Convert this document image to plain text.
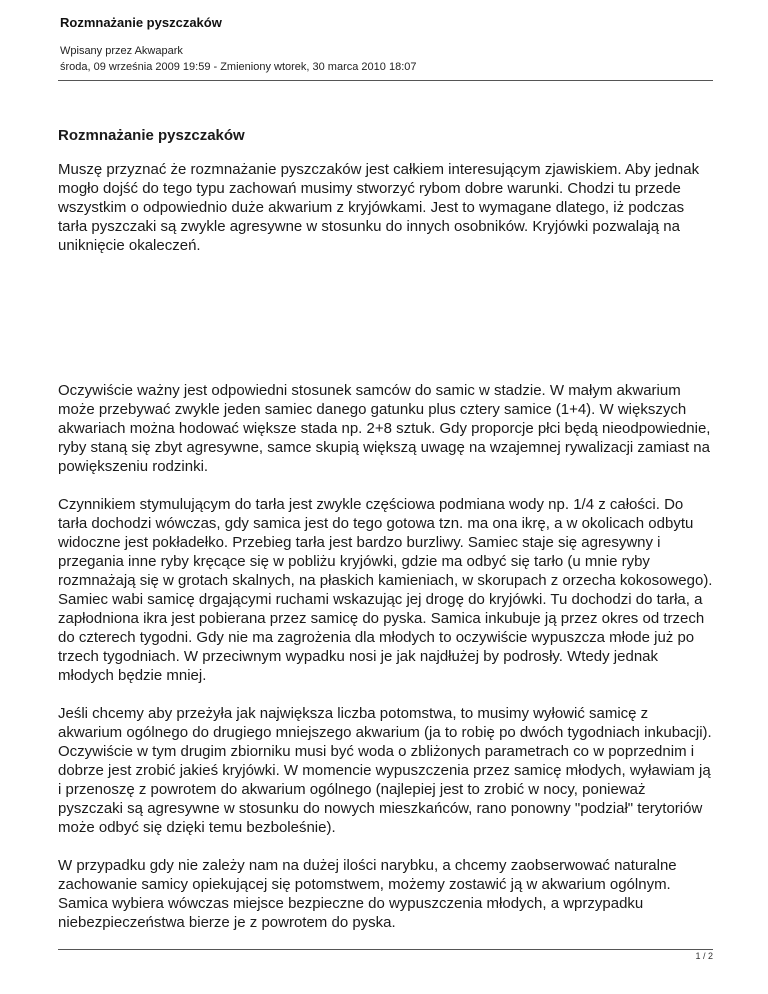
Rozmnażanie pyszczaków
Wpisany przez Akwapark
środa, 09 września 2009 19:59 - Zmieniony wtorek, 30 marca 2010 18:07
Rozmnażanie pyszczaków

Muszę przyznać że rozmnażanie pyszczaków jest całkiem interesującym zjawiskiem. Aby jednak mogło dojść do tego typu zachowań musimy stworzyć rybom dobre warunki. Chodzi tu przede wszystkim o odpowiednio duże akwarium z kryjówkami. Jest to wymagane dlatego, iż podczas tarła pyszczaki są zwykle agresywne w stosunku do innych osobników. Kryjówki pozwalają na uniknięcie okaleczeń.

Oczywiście ważny jest odpowiedni stosunek samców do samic w stadzie. W małym akwarium może przebywać zwykle jeden samiec danego gatunku plus cztery samice (1+4). W większych akwariach można hodować większe stada np. 2+8 sztuk. Gdy proporcje płci będą nieodpowiednie, ryby staną się zbyt agresywne, samce skupią większą uwagę na wzajemnej rywalizacji zamiast na powiększeniu rodzinki.

Czynnikiem stymulującym do tarła jest zwykle częściowa podmiana wody np. 1/4 z całości. Do tarła dochodzi wówczas, gdy samica jest do tego gotowa tzn. ma ona ikrę, a w okolicach odbytu widoczne jest pokładełko. Przebieg tarła jest bardzo burzliwy. Samiec staje się agresywny i przegania inne ryby kręcące się w pobliżu kryjówki, gdzie ma odbyć się tarło (u mnie ryby rozmnażają się w grotach skalnych, na płaskich kamieniach, w skorupach z orzecha kokosowego). Samiec wabi samicę drgającymi ruchami wskazując jej drogę do kryjówki. Tu dochodzi do tarła, a zapłodniona ikra jest pobierana przez samicę do pyska. Samica inkubuje ją przez okres od trzech do czterech tygodni. Gdy nie ma zagrożenia dla młodych to oczywiście wypuszcza młode już po trzech tygodniach. W przeciwnym wypadku nosi je jak najdłużej by podrosły. Wtedy jednak młodych będzie mniej.

Jeśli chcemy aby przeżyła jak największa liczba potomstwa, to musimy wyłowić samicę z akwarium ogólnego do drugiego mniejszego akwarium (ja to robię po dwóch tygodniach inkubacji). Oczywiście w tym drugim zbiorniku musi być woda o zbliżonych parametrach co w poprzednim i dobrze jest zrobić jakieś kryjówki. W momencie wypuszczenia przez samicę młodych, wyławiam ją i przenoszę z powrotem do akwarium ogólnego (najlepiej jest to zrobić w nocy, ponieważ pyszczaki są agresywne w stosunku do nowych mieszkańców, rano ponowny "podział" terytoriów może odbyć się dzięki temu bezboleśnie).

W przypadku gdy nie zależy nam na dużej ilości narybku, a chcemy zaobserwować naturalne zachowanie samicy opiekującej się potomstwem, możemy zostawić ją w akwarium ogólnym. Samica wybiera wówczas miejsce bezpieczne do wypuszczenia młodych, a wprzypadku niebezpieczeństwa bierze je z powrotem do pyska.

1 / 2
